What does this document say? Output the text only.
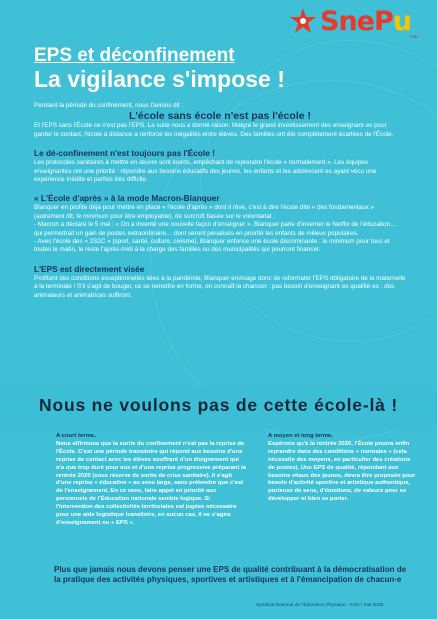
SnePu
FSU
EPS et déconfinement
La vigilance s'impose !

Pendant la période du confinement, nous l'avions dit :

L'école sans école n'est pas l'école !

Et l'EPS sans l'École ce n'est pas l'EPS. La suite nous a donné raison. Malgré le grand investissement des enseignant·es pour garder le contact, l'école à distance a renforcé les inégalités entre élèves. Des familles ont été complètement écartées de l'École.

Le dé-confinement n'est toujours pas l'École !

Les protocoles sanitaires à mettre en œuvre sont lourds, empêchant de reprendre l'école « normalement ». Les équipes enseignantes ont une priorité : répondre aux besoins éducatifs des jeunes, les enfants et les adolescent·es ayant vécu une expérience inédite et parfois très difficile.

« L'École d'après » à la mode Macron-Blanquer

Blanquer en profite déjà pour mettre en place « l'école d'après » dont il rêve, c'est à dire l'école dite « des fondamentaux » (autrement dit, le minimum pour être employable), de surcroît basée sur le volontariat :

- Macron a déclaré le 5 mai : « On a inventé une nouvelle façon d'enseigner ». Blanquer parle d'inventer le Netflix de l'éducation… qui permettrait un gain de postes extraordinaire… dont seront pénalisés en priorité les enfants de milieux populaires.

- Avec l'école des « 2S2C » (sport, santé, culture, civisme), Blanquer enfonce une école discriminante : le minimum pour tous et toutes le matin, le reste l'après-midi à la charge des familles ou des municipalités qui pourront financer.

L'EPS est directement visée

Profitant des conditions exceptionnelles liées à la pandémie, Blanquer envisage donc de reformater l'EPS obligatoire de la maternelle à la terminale ! S'il s'agit de bouger, ce se remettre en forme, on connaît la chanson : pas besoin d'enseignant·es qualifié·es : des animateurs et animatrices suffiront.

Nous ne voulons pas de cette école-là !
A court terme,
Nous affirmons que la sortie du confinement n'est pas la reprise de l'École. C'est une période transitoire qui répond aux besoins d'une reprise de contact avec les élèves souffrant d'un éloignement qui n'a que trop duré pour eux et d'une reprise progressive préparant la rentrée 2020 (sous réserve de sortie de crise sanitaire). Il s'agit d'une reprise « éducative » au sens large, sans prétendre que c'est de l'enseignement. En ce sens, faire appel en priorité aux personnels de l'Éducation nationale semble logique. Si l'intervention des collectivités territoriales est jugées nécessaire pour une aide logistique transitoire, en aucun cas, il ne s'agira d'enseignement ou « EPS ».
A moyen et long terme,
Espérons qu'à la rentrée 2020, l'École pourra enfin reprendre dans des conditions « normales » (cela nécessite des moyens, en particulier des créations de postes). Une EPS de qualité, répondant aux besoins vitaux des jeunes, devra être proposée pour besoin d'activité sportive et artistique authentique, porteuse de sens, d'émotions, de valeurs pour se développer et bien se porter.
Plus que jamais nous devons penser une EPS de qualité contribuant à la démocratisation de la pratique des activités physiques, sportives et artistiques et à l'émancipation de chacun·e
Syndicat National de l'Éducation Physique - FSU / mai 2020
